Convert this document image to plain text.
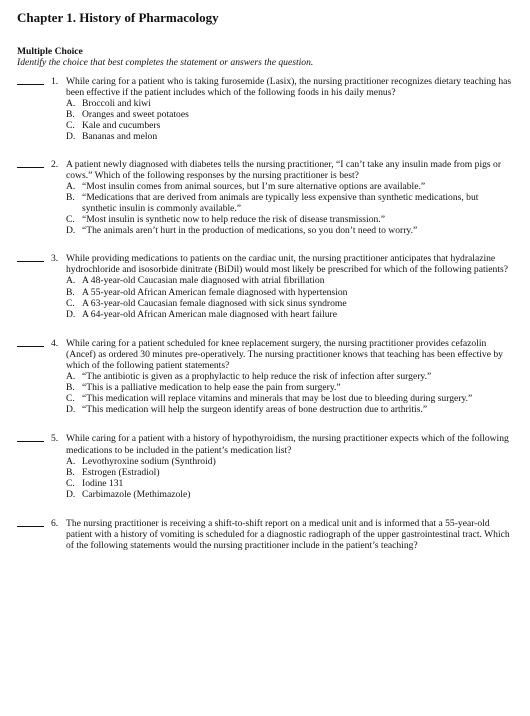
Chapter 1. History of Pharmacology
Multiple Choice
Identify the choice that best completes the statement or answers the question.
1. While caring for a patient who is taking furosemide (Lasix), the nursing practitioner recognizes dietary teaching has been effective if the patient includes which of the following foods in his daily menus?
A. Broccoli and kiwi
B. Oranges and sweet potatoes
C. Kale and cucumbers
D. Bananas and melon
2. A patient newly diagnosed with diabetes tells the nursing practitioner, “I can’t take any insulin made from pigs or cows.” Which of the following responses by the nursing practitioner is best?
A. “Most insulin comes from animal sources, but I’m sure alternative options are available.”
B. “Medications that are derived from animals are typically less expensive than synthetic medications, but synthetic insulin is commonly available.”
C. “Most insulin is synthetic now to help reduce the risk of disease transmission.”
D. “The animals aren’t hurt in the production of medications, so you don’t need to worry.”
3. While providing medications to patients on the cardiac unit, the nursing practitioner anticipates that hydralazine hydrochloride and isosorbide dinitrate (BiDil) would most likely be prescribed for which of the following patients?
A. A 48-year-old Caucasian male diagnosed with atrial fibrillation
B. A 55-year-old African American female diagnosed with hypertension
C. A 63-year-old Caucasian female diagnosed with sick sinus syndrome
D. A 64-year-old African American male diagnosed with heart failure
4. While caring for a patient scheduled for knee replacement surgery, the nursing practitioner provides cefazolin (Ancef) as ordered 30 minutes pre-operatively. The nursing practitioner knows that teaching has been effective by which of the following patient statements?
A. “The antibiotic is given as a prophylactic to help reduce the risk of infection after surgery.”
B. “This is a palliative medication to help ease the pain from surgery.”
C. “This medication will replace vitamins and minerals that may be lost due to bleeding during surgery.”
D. “This medication will help the surgeon identify areas of bone destruction due to arthritis.”
5. While caring for a patient with a history of hypothyroidism, the nursing practitioner expects which of the following medications to be included in the patient’s medication list?
A. Levothyroxine sodium (Synthroid)
B. Estrogen (Estradiol)
C. Iodine 131
D. Carbimazole (Methimazole)
6. The nursing practitioner is receiving a shift-to-shift report on a medical unit and is informed that a 55-year-old patient with a history of vomiting is scheduled for a diagnostic radiograph of the upper gastrointestinal tract. Which of the following statements would the nursing practitioner include in the patient’s teaching?
